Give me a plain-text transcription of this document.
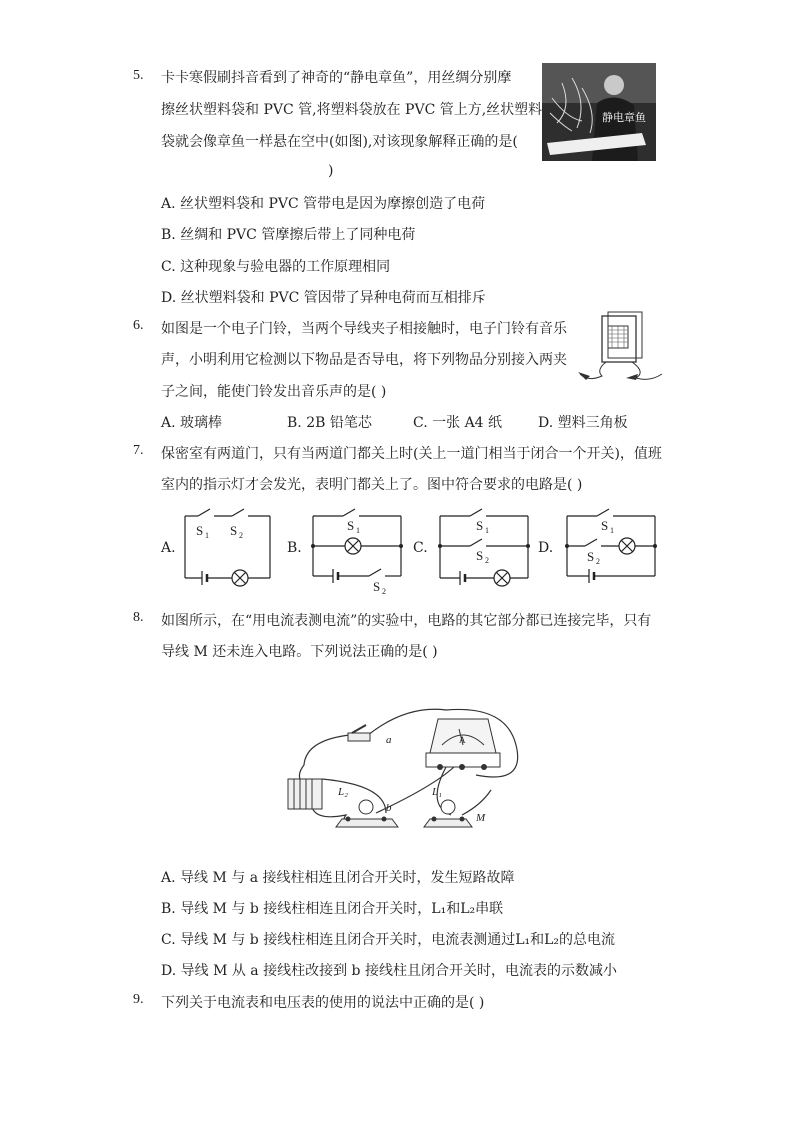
5. 卡卡寒假刷抖音看到了神奇的“静电章鱼”，用丝绸分别摩
擦丝状塑料袋和 PVC 管,将塑料袋放在 PVC 管上方,丝状塑料
袋就会像章鱼一样悬在空中(如图),对该现象解释正确的是(
)
静电章鱼
A. 丝状塑料袋和 PVC 管带电是因为摩擦创造了电荷
B. 丝绸和 PVC 管摩擦后带上了同种电荷
C. 这种现象与验电器的工作原理相同
D. 丝状塑料袋和 PVC 管因带了异种电荷而互相排斥
6. 如图是一个电子门铃，当两个导线夹子相接触时，电子门铃有音乐
声，小明利用它检测以下物品是否导电，将下列物品分别接入两夹
子之间，能使门铃发出音乐声的是( )
A. 玻璃棒	B. 2B 铅笔芯	C. 一张 A4 纸	D. 塑料三角板
7. 保密室有两道门，只有当两道门都关上时(关上一道门相当于闭合一个开关)，值班
室内的指示灯才会发光，表明门都关上了。图中符合要求的电路是( )
A.	B.	C.	D.
S 1 S 2
S 1
S 2
S 1
S 2
S 1
S 2
8. 如图所示，在“用电流表测电流”的实验中，电路的其它部分都已连接完毕，只有
导线 M 还未连入电路。下列说法正确的是( )
a	A
L₂
b
L₁
M
A. 导线 M 与 a 接线柱相连且闭合开关时，发生短路故障
B. 导线 M 与 b 接线柱相连且闭合开关时，L₁和L₂串联
C. 导线 M 与 b 接线柱相连且闭合开关时，电流表测通过L₁和L₂的总电流
D. 导线 M 从 a 接线柱改接到 b 接线柱且闭合开关时，电流表的示数减小
9. 下列关于电流表和电压表的使用的说法中正确的是( )
